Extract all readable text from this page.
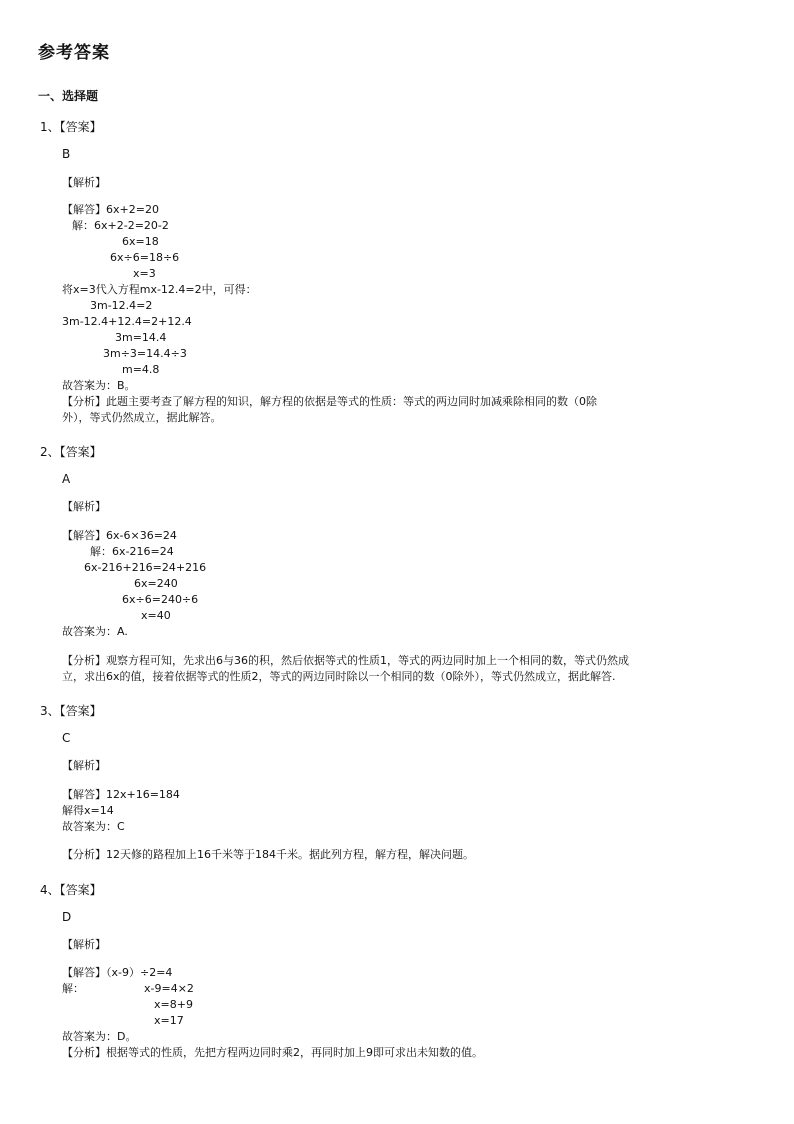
参考答案
一、选择题
1、【答案】
B
【解析】
【解答】6x+2=20
解：6x+2-2=20-2
6x=18
6x÷6=18÷6
x=3
将x=3代入方程mx-12.4=2中，可得：
3m-12.4=2
3m-12.4+12.4=2+12.4
3m=14.4
3m÷3=14.4÷3
m=4.8
故答案为：B。
【分析】此题主要考查了解方程的知识，解方程的依据是等式的性质：等式的两边同时加减乘除相同的数（0除
外），等式仍然成立，据此解答。
2、【答案】
A
【解析】
【解答】6x-6×36=24
解：6x-216=24
6x-216+216=24+216
6x=240
6x÷6=240÷6
x=40
故答案为：A.
【分析】观察方程可知，先求出6与36的积，然后依据等式的性质1，等式的两边同时加上一个相同的数，等式仍然成
立，求出6x的值，接着依据等式的性质2，等式的两边同时除以一个相同的数（0除外），等式仍然成立，据此解答.
3、【答案】
C
【解析】
【解答】12x+16=184
解得x=14
故答案为：C
【分析】12天修的路程加上16千米等于184千米。据此列方程，解方程，解决问题。
4、【答案】
D
【解析】
【解答】（x-9）÷2=4
解：	x-9=4×2
x=8+9
x=17
故答案为：D。
【分析】根据等式的性质，先把方程两边同时乘2，再同时加上9即可求出未知数的值。
